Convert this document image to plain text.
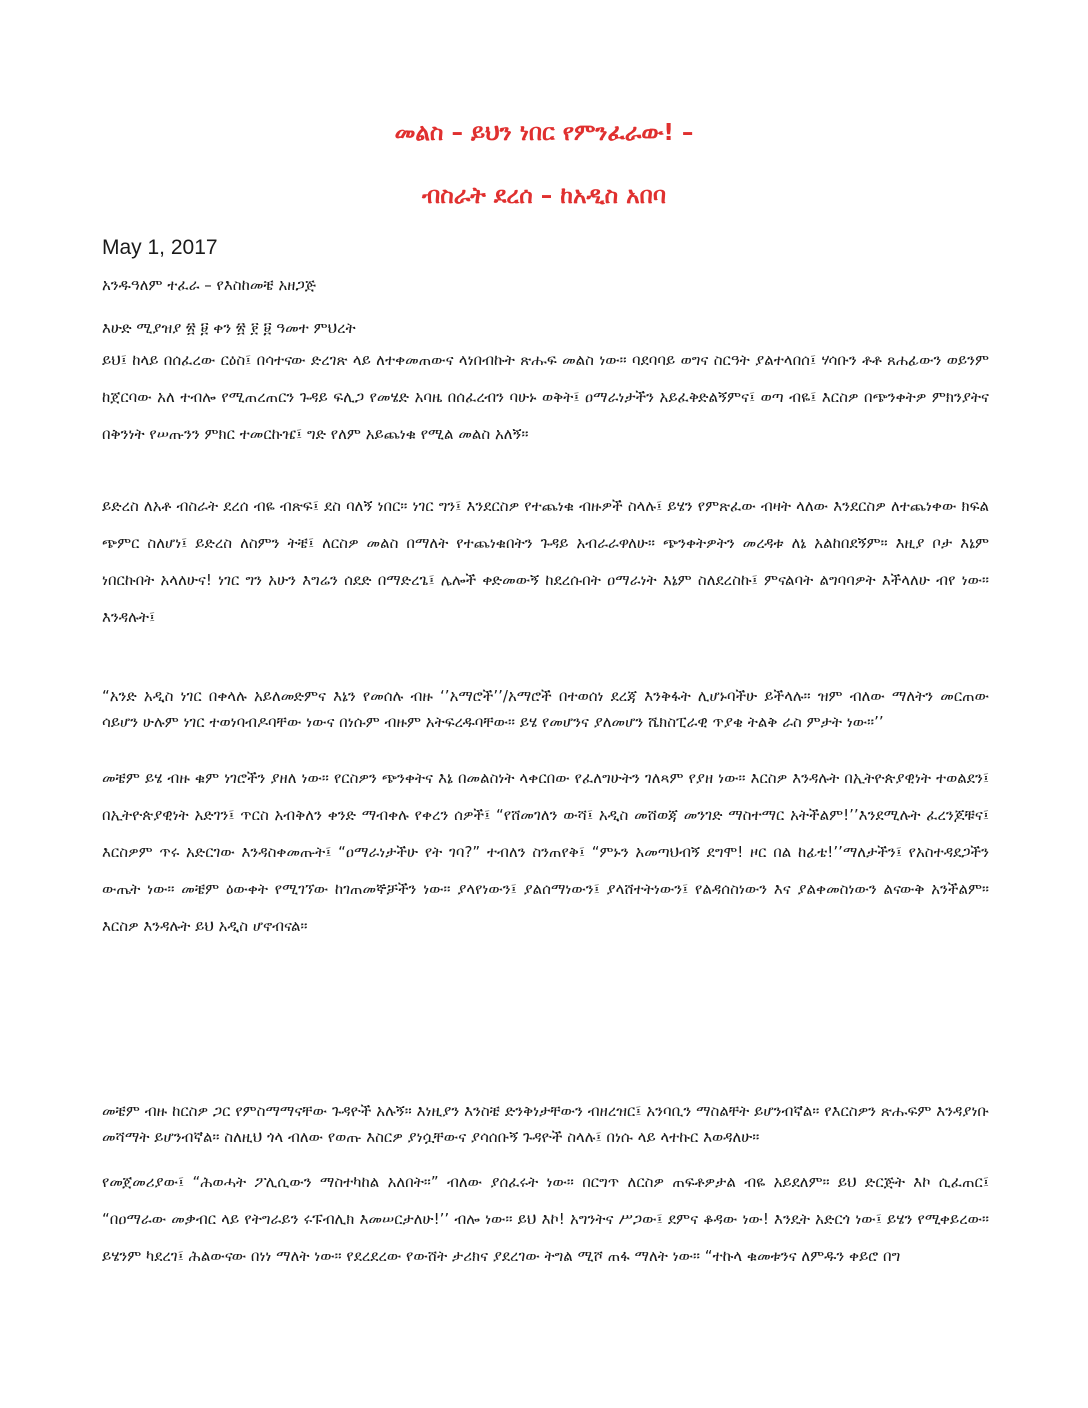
መልስ – ይህን ነበር የምንፈራው! –
ብስራት ደረሰ – ከአዲስ አበባ
May 1, 2017

አንዱዓለም ተፈራ – የእስከመቼ አዘጋጅ

እሁድ ሚያዝያ ፳ ፱ ቀን ፳ ፻ ፱ ዓመተ ምህረት

ይህ፤ ከላይ በሰፈረው ርዕስ፤ በሳተናው ድረገጽ ላይ ለተቀመጠውና ላነበብኩት ጽሑፍ መልስ ነው። ባደባባይ ወግና ስርዓት ያልተላበሰ፤ ሃሳቡን ቶቶ ጸሐፊውን ወይንም ከጀርባው አለ ተብሎ የሚጠረጠርን ጉዳይ ፍሊጋ የመሄድ አባዜ በሰፈረብን ባሁኑ ወቅት፤ ዐማራነታችን አይፈቅድልኝምና፤ ወጣ ብዬ፤ እርስዎ በጭንቀትዎ ምክንያትና በቅንነት የሠጡንን ምክር ተመርኩዤ፤ ግድ የለም አይጨነቁ የሚል መልስ አለኝ።

ይድረስ ለአቶ ብስራት ደረሰ ብዬ ብጽፍ፤ ደስ ባለኝ ነበር። ነገር ግን፤ እንደርስዎ የተጨነቁ ብዙዎች ስላሉ፤ ይሄን የምጽፈው ብዛት ላለው እንደርስዎ ለተጨነቀው ክፍል ጭምር ስለሆነ፤ ይድረስ ለስምን ትቼ፤ ለርስዎ መልስ በማለት የተጨነቁበትን ጉዳይ አብራራዋለሁ። ጭንቀትዎትን መረዳቱ ለኔ አልከበደኝም። እዚያ ቦታ እኔም ነበርኩበት አላለሁና! ነገር ግን አሁን እግሬን ሰደድ በማድረጌ፤ ሌሎች ቀድመውኝ ከደረሱበት ዐማራነት እኔም ስለደረስኩ፤ ምናልባት ልግባባዎት እችላለሁ ብየ ነው። እንዳሉት፤

“አንድ አዲስ ነገር በቀላሉ አይለመድምና እኔን የመሰሉ ብዙ ‘’አማሮች’’/አማሮች በተወሰነ ደረጃ እንቅፋት ሊሆኑባችሁ ይችላሉ። ዝም ብለው ማለትን መርጠው ሳይሆን ሁሉም ነገር ተወነባብዶባቸው ነውና በነሱም ብዙም አትፍረዱባቸው። ይሄ የመሆንና ያለመሆን ሼክስፒራዊ ጥያቄ ትልቅ ራስ ምታት ነው።’’

መቼም ይሄ ብዙ ቁም ነገሮችን ያዘለ ነው። የርስዎን ጭንቀትና እኔ በመልስነት ላቀርበው የፈለግሁትን ገለጻም የያዘ ነው። እርስዎ እንዳሉት በኢትዮጵያዊነት ተወልደን፤ በኢትዮጵያዊነት አድገን፤ ጥርስ አብቅለን ቀንድ ማብቀሉ የቀረን ሰዎች፤ “የሸመገለን ውሻ፤ አዲስ መሸወጃ መንገድ ማስተማር አትችልም!’’እንደሚሉት ፈረንጆቹና፤ እርስዎም ጥሩ አድርገው እንዳስቀመጡት፤ “ዐማራነታችሁ የት ገባ?” ተብለን ስንጠየቅ፤ “ምኑን አመጣህብኝ ደግሞ! ዞር በል ከፊቴ!’’ማለታችን፤ የአስተዳደጋችን ውጤት ነው። መቼም ዕውቀት የሚገኘው ከገጠመኞቻችን ነው። ያላየነውን፤ ያልሰማነውን፤ ያላሸተትነውን፤ የልዳሰስነውን እና ያልቀመስነውን ልናውቅ አንችልም። እርስዎ እንዳሉት ይህ አዲስ ሆኖብናል።

መቼም ብዙ ከርስዎ ጋር የምስማማናቸው ጉዳዮች አሉኝ። እነዚያን እንስቼ ድንቅነታቸውን ብዘረዝር፤ አንባቢን ማስልቸት ይሆንብኛል። የእርስዎን ጽሑፍም እንዳያነቡ መሻማት ይሆንብኛል። ስለዚህ ጎላ ብለው የወጡ እስርዎ ያነሷቸውና ያሳሰቡኝ ጉዳዮች ስላሉ፤ በነሱ ላይ ላተኩር እወዳለሁ።

የመጀመሪያው፤ “ሕወሓት ፖሊሲውን ማስተካከል አለበት።” ብለው ያሰፈሩት ነው። በርግጥ ለርስዎ ጠፍቶዎታል ብዬ አይደለም። ይህ ድርጅት እኮ ሲፈጠር፤ “በዐማራው መቃብር ላይ የትግራይን ሩፑብሊክ እመሠርታለሁ!’’ ብሎ ነው። ይህ እኮ! አግንትና ሥጋው፤ ደምና ቆዳው ነው! እንዴት አድርጎ ነው፤ ይሄን የሚቀይረው። ይሄንም ካደረገ፤ ሕልውናው በነነ ማለት ነው። የደረደረው የውሸት ታሪክና ያደረገው ትግል ሚሾ ጠፋ ማለት ነው። “ተኩላ ቁመቱንና ለምዱን ቀይሮ በግ
